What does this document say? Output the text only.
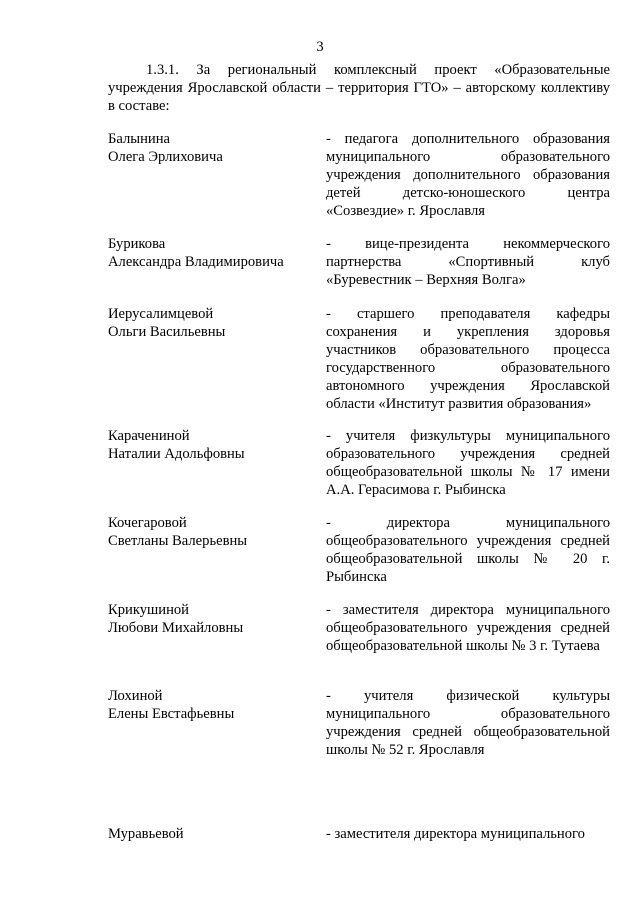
3

1.3.1. За региональный комплексный проект «Образовательные учреждения Ярославской области – территория ГТО» – авторскому коллективу в составе:

Балынина
Олега Эрлиховича
- педагога дополнительного образования муниципального образовательного учреждения дополнительного образования детей детско-юношеского центра «Созвездие» г. Ярославля
Бурикова
Александра Владимировича
- вице-президента некоммерческого партнерства «Спортивный клуб «Буревестник – Верхняя Волга»
Иерусалимцевой
Ольги Васильевны
- старшего преподавателя кафедры сохранения и укрепления здоровья участников образовательного процесса государственного образовательного автономного учреждения Ярославской области «Институт развития образования»
Караченинoй
Наталии Адольфовны
- учителя физкультуры муниципального образовательного учреждения средней общеобразовательной школы № 17 имени А.А. Герасимова г. Рыбинска
Кочегаровой
Светланы Валерьевны
- директора муниципального общеобразовательного учреждения средней общеобразовательной школы № 20 г. Рыбинска
Крикушиной
Любови Михайловны
- заместителя директора муниципального общеобразовательного учреждения средней общеобразовательной школы № 3 г. Тутаева
Лохиной
Елены Евстафьевны
- учителя физической культуры муниципального образовательного учреждения средней общеобразовательной школы № 52 г. Ярославля
Муравьевой	- заместителя директора муниципального
